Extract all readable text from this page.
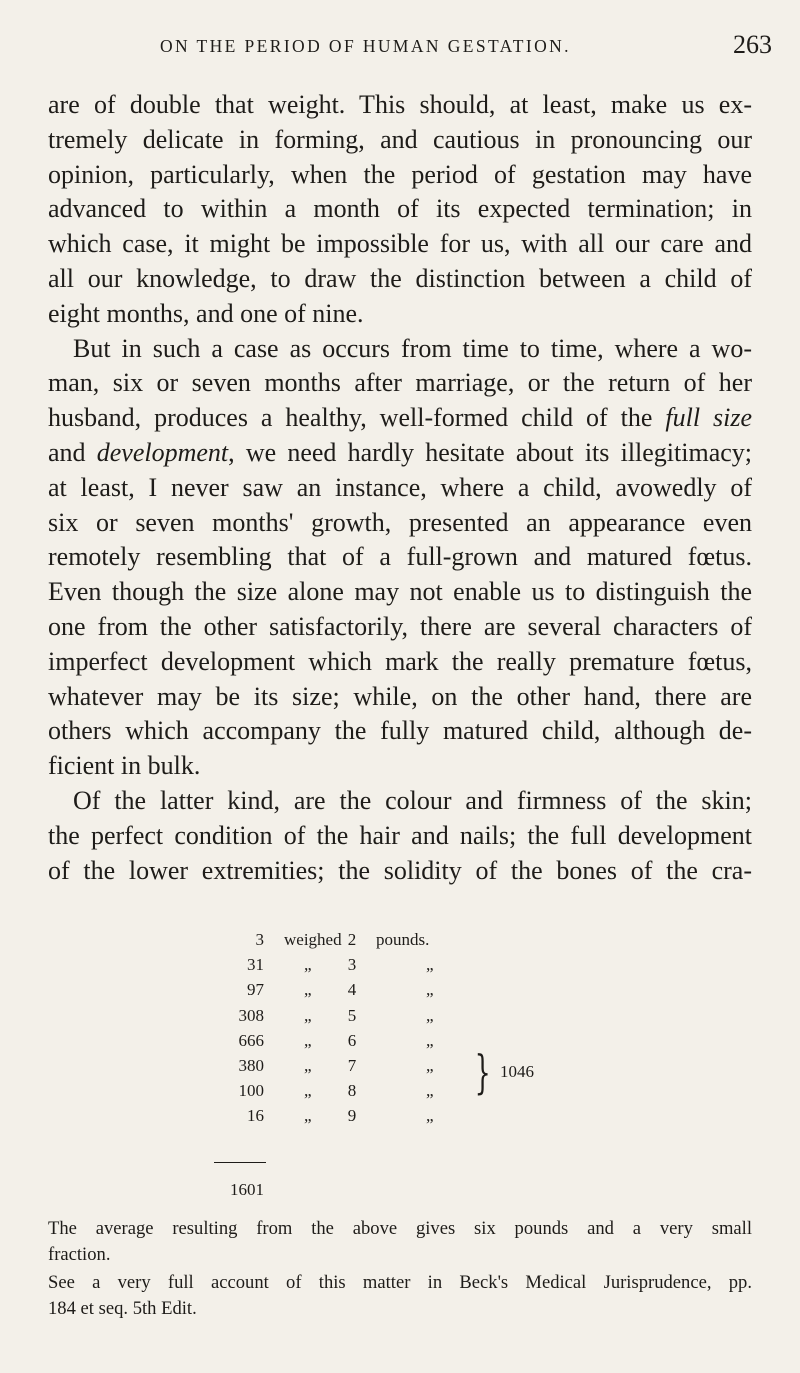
ON THE PERIOD OF HUMAN GESTATION.	263
are of double that weight. This should, at least, make us ex-
tremely delicate in forming, and cautious in pronouncing our
opinion, particularly, when the period of gestation may have
advanced to within a month of its expected termination; in
which case, it might be impossible for us, with all our care and
all our knowledge, to draw the distinction between a child of
eight months, and one of nine.
But in such a case as occurs from time to time, where a wo-
man, six or seven months after marriage, or the return of her
husband, produces a healthy, well-formed child of the full size
and development, we need hardly hesitate about its illegitimacy;
at least, I never saw an instance, where a child, avowedly of
six or seven months' growth, presented an appearance even
remotely resembling that of a full-grown and matured fœtus.
Even though the size alone may not enable us to distinguish the
one from the other satisfactorily, there are several characters of
imperfect development which mark the really premature fœtus,
whatever may be its size; while, on the other hand, there are
others which accompany the fully matured child, although de-
ficient in bulk.
Of the latter kind, are the colour and firmness of the skin;
the perfect condition of the hair and nails; the full development
of the lower extremities; the solidity of the bones of the cra-
3 weighed 2	pounds.
31 „	3	„
97 „	4	„
308 „	5	„
666 „	6	„
380 „	7	„
100 „	8	„
16 „	9	„
1601
} 1046
The average resulting from the above gives six pounds and a very small
fraction.
See a very full account of this matter in Beck's Medical Jurisprudence, pp.
184 et seq. 5th Edit.
